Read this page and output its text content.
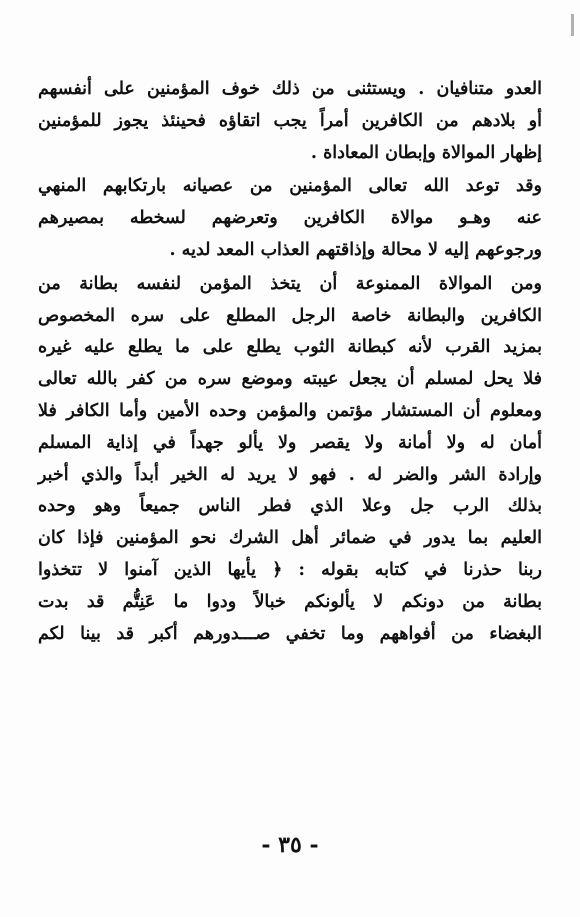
العدو متنافيان . ويستثنى من ذلك خوف المؤمنين على أنفسهم
أو بلادهم من الكافرين أمراً يجب اتقاؤه فحينئذ يجوز للمؤمنين
إظهار الموالاة وإبطان المعاداة .
وقد توعد الله تعالى المؤمنين من عصيانه بارتكابهم المنهي
عنه وهـو موالاة الكافرين وتعرضهم لسخطه بمصيرهم
ورجوعهم إليه لا محالة وإذاقتهم العذاب المعد لديه .
ومن الموالاة الممنوعة أن يتخذ المؤمن لنفسه بطانة من
الكافرين والبطانة خاصة الرجل المطلع على سره المخصوص
بمزيد القرب لأنه كبطانة الثوب يطلع على ما يطلع عليه غيره
فلا يحل لمسلم أن يجعل عيبته وموضع سره من كفر بالله تعالى
ومعلوم أن المستشار مؤتمن والمؤمن وحده الأمين وأما الكافر فلا
أمان له ولا أمانة ولا يقصر ولا يألو جهداً في إذاية المسلم
وإرادة الشر والضر له . فهو لا يريد له الخير أبداً والذي أخبر
بذلك الرب جل وعلا الذي فطر الناس جميعاً وهو وحده
العليم بما يدور في ضمائر أهل الشرك نحو المؤمنين فإذا كان
ربنا حذرنا في كتابه بقوله : ﴿ يأيها الذين آمنوا لا تتخذوا
بطانة من دونكم لا يألونكم خبالاً ودوا ما عَنِتُّم قد بدت
البغضاء من أفواههم وما تخفي صـــدورهم أكبر قد بينا لكم
- ٣٥ -
